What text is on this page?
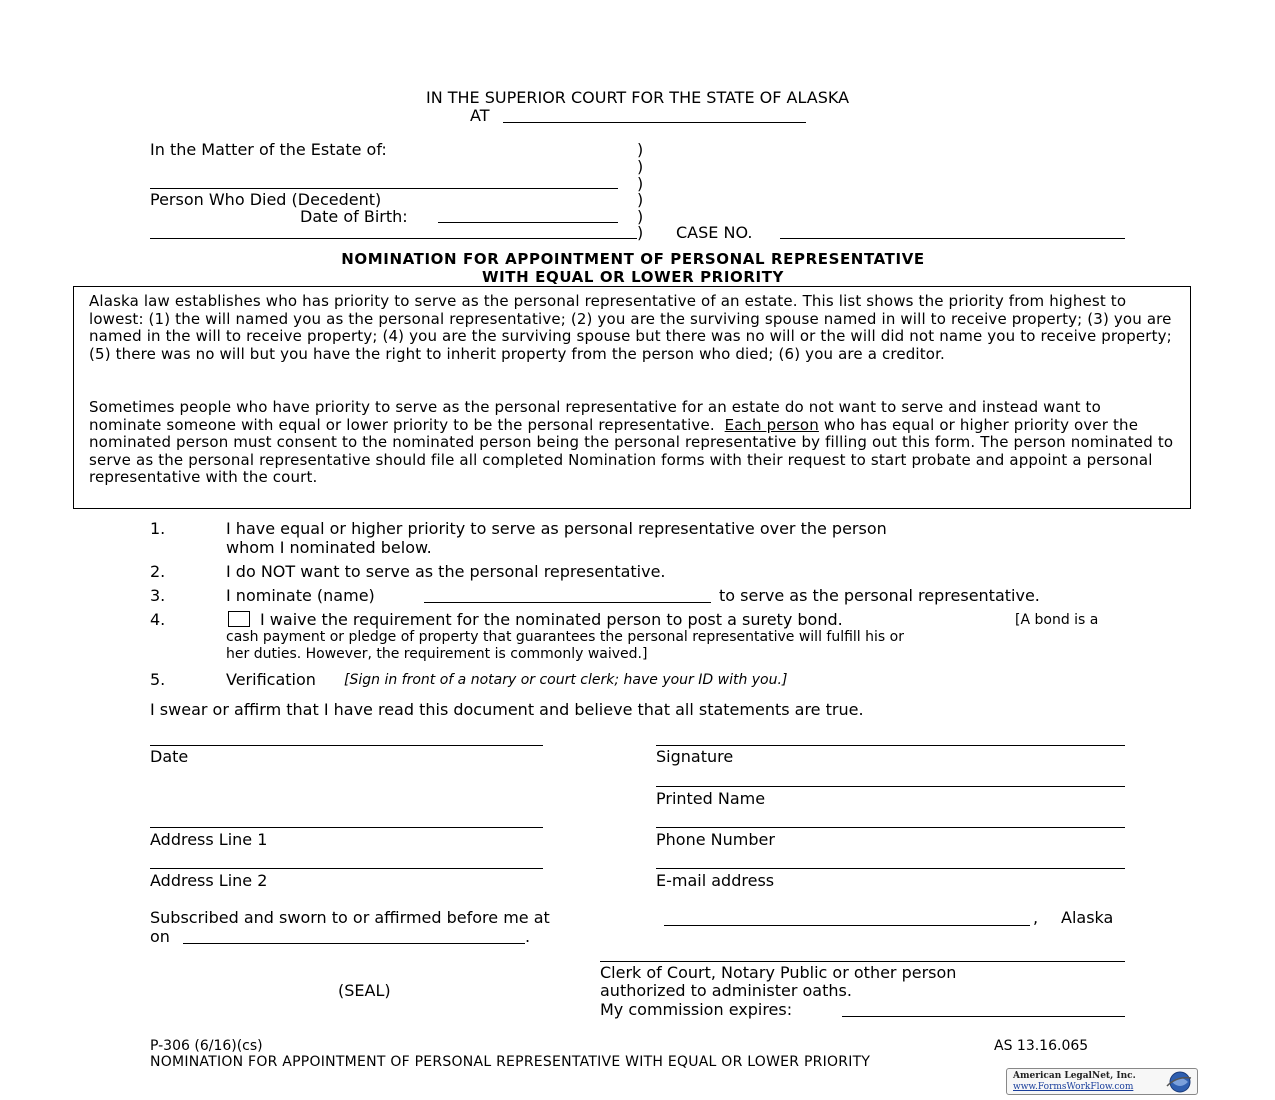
IN THE SUPERIOR COURT FOR THE STATE OF ALASKA
AT
In the Matter of the Estate of:	)
)
)
Person Who Died (Decedent)	)
Date of Birth:	)
) CASE NO.
NOMINATION FOR APPOINTMENT OF PERSONAL REPRESENTATIVE
WITH EQUAL OR LOWER PRIORITY
Alaska law establishes who has priority to serve as the personal representative of an estate. This list shows the priority from highest to lowest: (1) the will named you as the personal representative; (2) you are the surviving spouse named in will to receive property; (3) you are named in the will to receive property; (4) you are the surviving spouse but there was no will or the will did not name you to receive property; (5) there was no will but you have the right to inherit property from the person who died; (6) you are a creditor.
Sometimes people who have priority to serve as the personal representative for an estate do not want to serve and instead want to nominate someone with equal or lower priority to be the personal representative. Each person who has equal or higher priority over the nominated person must consent to the nominated person being the personal representative by filling out this form. The person nominated to serve as the personal representative should file all completed Nomination forms with their request to start probate and appoint a personal representative with the court.
1.	I have equal or higher priority to serve as personal representative over the person
whom I nominated below.
2.	I do NOT want to serve as the personal representative.
3.	I nominate (name)	to serve as the personal representative.
4.	I waive the requirement for the nominated person to post a surety bond.	[A bond is a
cash payment or pledge of property that guarantees the personal representative will fulfill his or
her duties. However, the requirement is commonly waived.]
5.	Verification [Sign in front of a notary or court clerk; have your ID with you.]
I swear or affirm that I have read this document and believe that all statements are true.
Date	Signature
Printed Name
Address Line 1	Phone Number
Address Line 2	E-mail address
Subscribed and sworn to or affirmed before me at	, Alaska
on	.
Clerk of Court, Notary Public or other person
(SEAL)	authorized to administer oaths.
My commission expires:
P-306 (6/16)(cs)	AS 13.16.065
NOMINATION FOR APPOINTMENT OF PERSONAL REPRESENTATIVE WITH EQUAL OR LOWER PRIORITY
American LegalNet, Inc.
www.FormsWorkFlow.com
